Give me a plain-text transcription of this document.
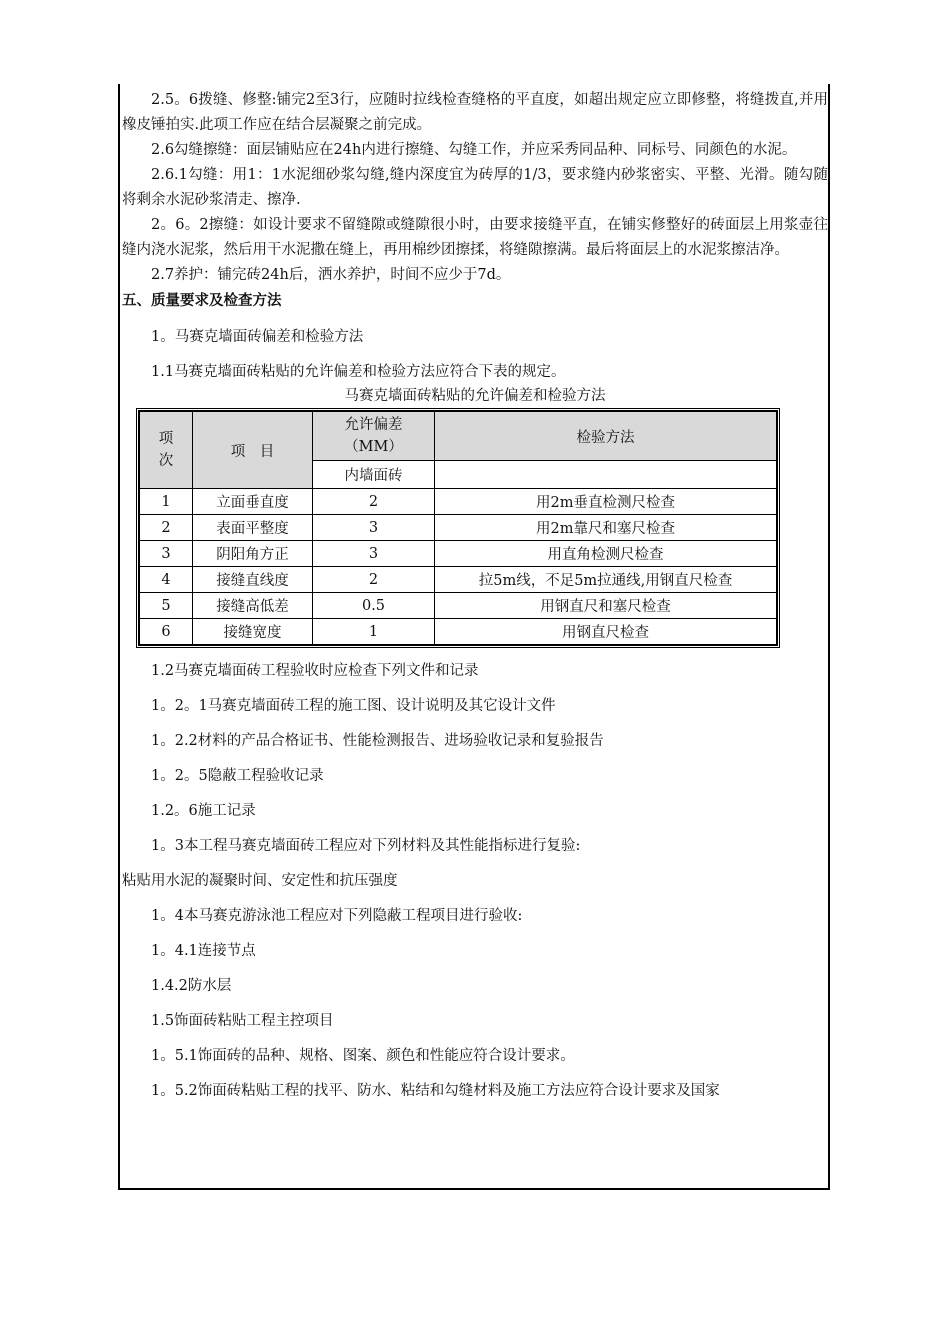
2.5。6拨缝、修整:铺完2至3行，应随时拉线检查缝格的平直度，如超出规定应立即修整，将缝拨直,并用橡皮锤拍实.此项工作应在结合层凝聚之前完成。

2.6勾缝擦缝：面层铺贴应在24h内进行擦缝、勾缝工作，并应采秀同品种、同标号、同颜色的水泥。

2.6.1勾缝：用1：1水泥细砂浆勾缝,缝内深度宜为砖厚的1/3，要求缝内砂浆密实、平整、光滑。随勾随将剩余水泥砂浆清走、擦净.

2。6。2擦缝：如设计要求不留缝隙或缝隙很小时，由要求接缝平直，在铺实修整好的砖面层上用浆壶往缝内浇水泥浆，然后用干水泥撒在缝上，再用棉纱团擦揉，将缝隙擦满。最后将面层上的水泥浆擦洁净。

2.7养护：铺完砖24h后，洒水养护，时间不应少于7d。

五、质量要求及检查方法

1。马赛克墙面砖偏差和检验方法

1.1马赛克墙面砖粘贴的允许偏差和检验方法应符合下表的规定。

马赛克墙面砖粘贴的允许偏差和检验方法

项次	项　目	允许偏差（MM）	检验方法
		内墙面砖	
1	立面垂直度	2	用2m垂直检测尺检查
2	表面平整度	3	用2m靠尺和塞尺检查
3	阴阳角方正	3	用直角检测尺检查
4	接缝直线度	2	拉5m线，不足5m拉通线,用钢直尺检查
5	接缝高低差	0.5	用钢直尺和塞尺检查
6	接缝宽度	1	用钢直尺检查

1.2马赛克墙面砖工程验收时应检查下列文件和记录

1。2。1马赛克墙面砖工程的施工图、设计说明及其它设计文件

1。2.2材料的产品合格证书、性能检测报告、进场验收记录和复验报告

1。2。5隐蔽工程验收记录

1.2。6施工记录

1。3本工程马赛克墙面砖工程应对下列材料及其性能指标进行复验:

粘贴用水泥的凝聚时间、安定性和抗压强度

1。4本马赛克游泳池工程应对下列隐蔽工程项目进行验收:

1。4.1连接节点

1.4.2防水层

1.5饰面砖粘贴工程主控项目

1。5.1饰面砖的品种、规格、图案、颜色和性能应符合设计要求。

1。5.2饰面砖粘贴工程的找平、防水、粘结和勾缝材料及施工方法应符合设计要求及国家
